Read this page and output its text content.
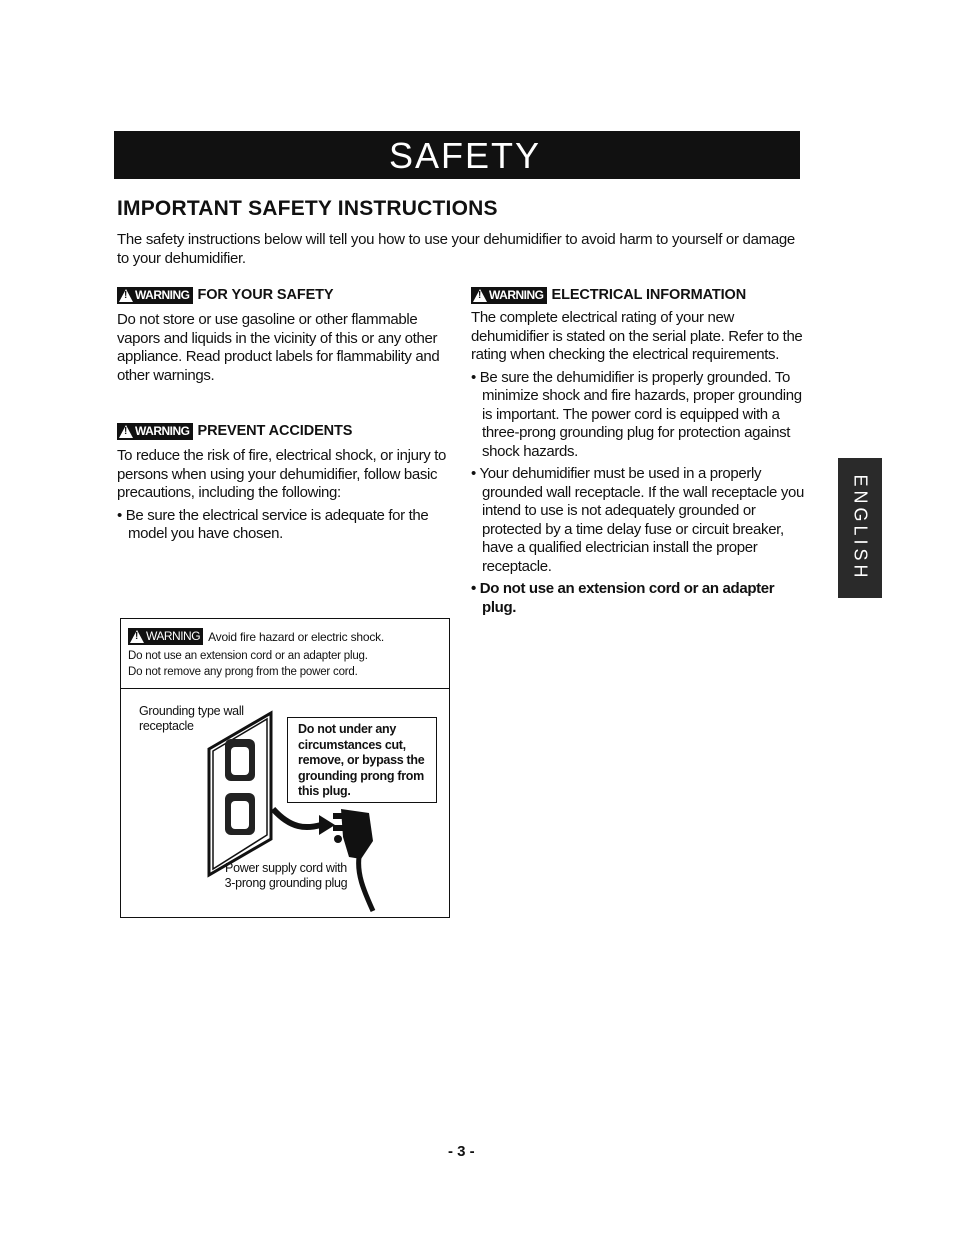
SAFETY
IMPORTANT SAFETY INSTRUCTIONS
The safety instructions below will tell you how to use your dehumidifier to avoid harm to yourself or damage to your dehumidifier.
!
WARNING FOR YOUR SAFETY
Do not store or use gasoline or other flammable vapors and liquids in the vicinity of this or any other appliance. Read product labels for flammability and other warnings.
!
WARNING PREVENT ACCIDENTS
To reduce the risk of fire, electrical shock, or injury to persons when using your dehumidifier, follow basic precautions, including the following:
• Be sure the electrical service is adequate for the model you have chosen.
!
WARNING ELECTRICAL INFORMATION
The complete electrical rating of your new dehumidifier is stated on the serial plate. Refer to the rating when checking the electrical requirements.
• Be sure the dehumidifier is properly grounded. To minimize shock and fire hazards, proper grounding is important. The power cord is equipped with a three-prong grounding plug for protection against shock hazards.
• Your dehumidifier must be used in a properly grounded wall receptacle. If the wall receptacle you intend to use is not adequately grounded or protected by a time delay fuse or circuit breaker, have a qualified electrician install the proper receptacle.
• Do not use an extension cord or an adapter plug.
!
WARNING Avoid fire hazard or electric shock.
Do not use an extension cord or an adapter plug.
Do not remove any prong from the power cord.
Grounding type wall receptacle	Do not under any circumstances cut, remove, or bypass the grounding prong from this plug.
Power supply cord with 3-prong grounding plug
ENGLISH
- 3 -
